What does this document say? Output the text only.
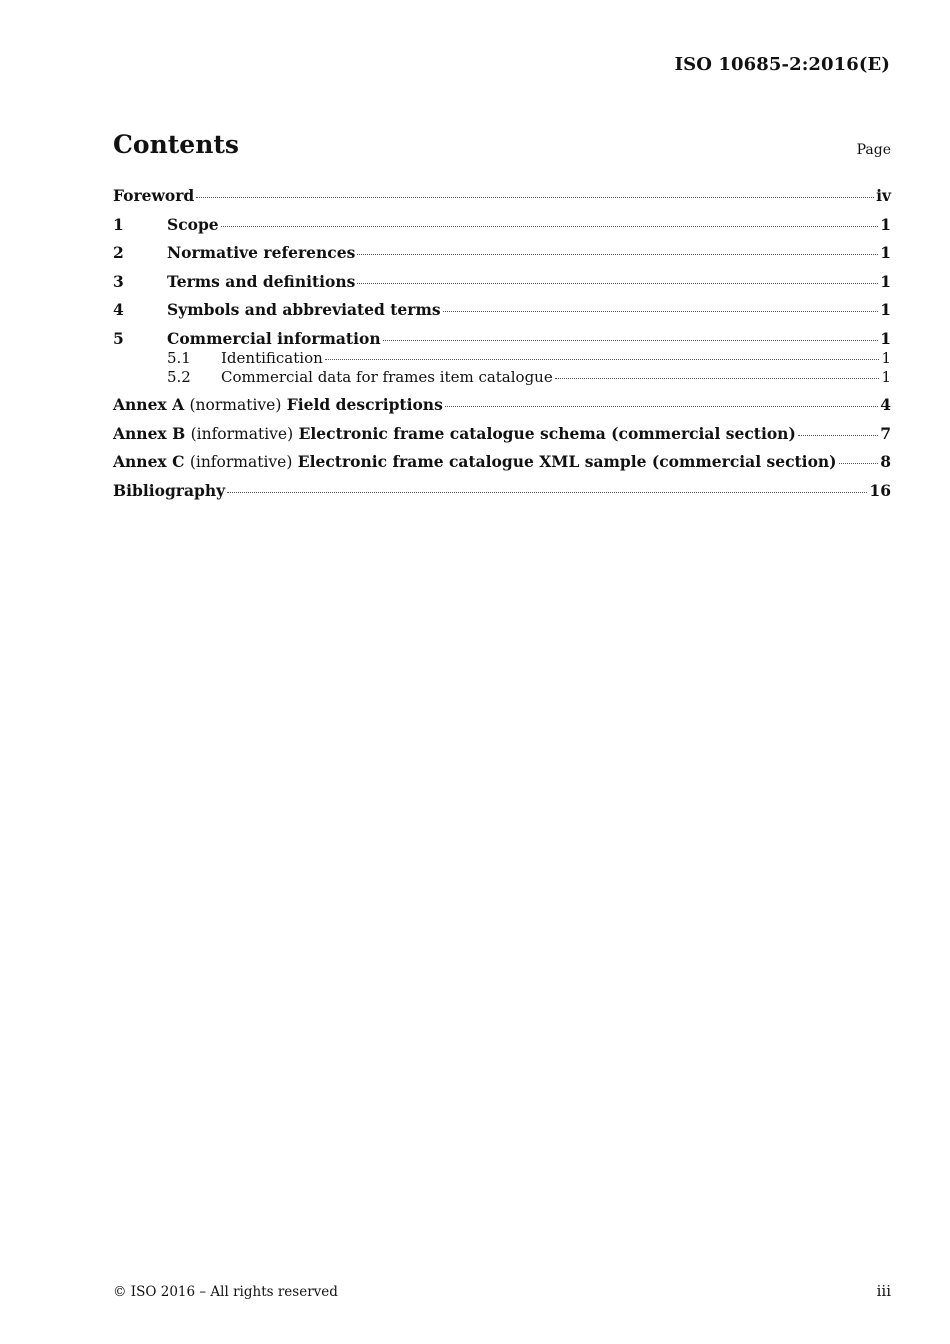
ISO 10685-2:2016(E)
Contents	Page
Foreword	iv
1	Scope	1
2	Normative references	1
3	Terms and definitions	1
4	Symbols and abbreviated terms	1
5	Commercial information	1
5.1	Identification	1
5.2	Commercial data for frames item catalogue	1
Annex A (normative) Field descriptions	4
Annex B (informative) Electronic frame catalogue schema (commercial section)	7
Annex C (informative) Electronic frame catalogue XML sample (commercial section)	8
Bibliography	16
© ISO 2016 – All rights reserved	iii
